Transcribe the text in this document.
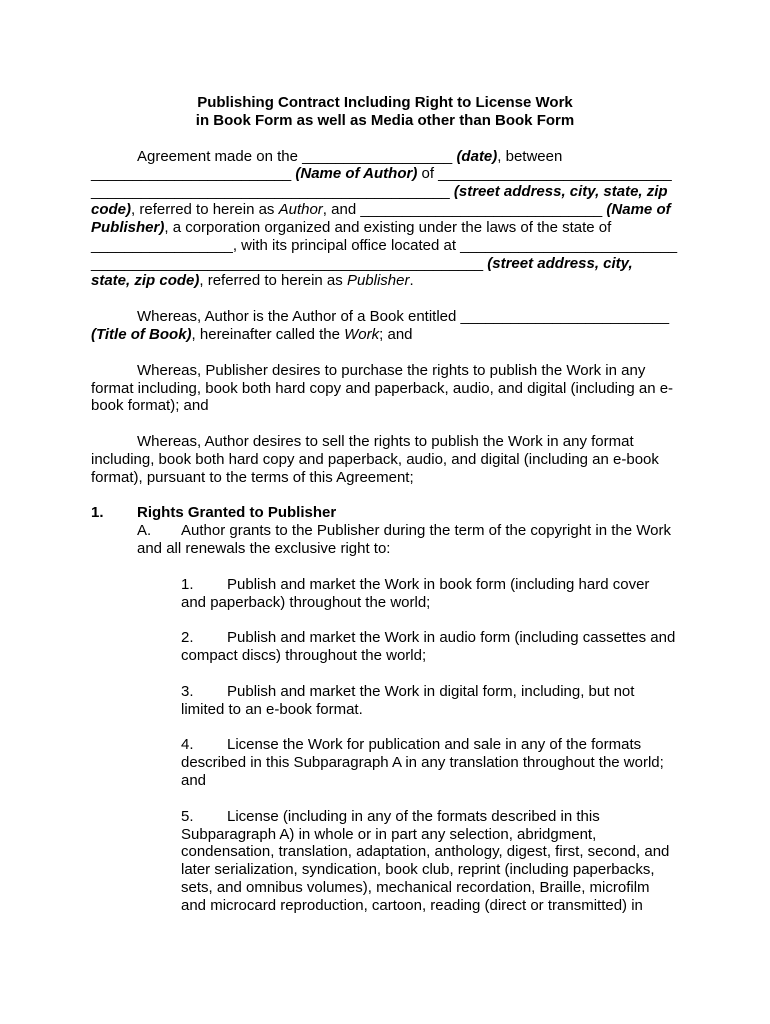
Publishing Contract Including Right to License Work
in Book Form as well as Media other than Book Form
Agreement made on the __________________ (date), between
________________________ (Name of Author) of ____________________________
___________________________________________ (street address, city, state, zip
code), referred to herein as Author, and _____________________________ (Name of
Publisher), a corporation organized and existing under the laws of the state of
_________________, with its principal office located at __________________________
_______________________________________________ (street address, city,
state, zip code), referred to herein as Publisher.
Whereas, Author is the Author of a Book entitled _________________________
(Title of Book), hereinafter called the Work; and
Whereas, Publisher desires to purchase the rights to publish the Work in any
format including, book both hard copy and paperback, audio, and digital (including an e-
book format); and
Whereas, Author desires to sell the rights to publish the Work in any format
including, book both hard copy and paperback, audio, and digital (including an e-book
format), pursuant to the terms of this Agreement;
1. Rights Granted to Publisher
A. Author grants to the Publisher during the term of the copyright in the Work
and all renewals the exclusive right to:
1. Publish and market the Work in book form (including hard cover
and paperback) throughout the world;
2. Publish and market the Work in audio form (including cassettes and
compact discs) throughout the world;
3. Publish and market the Work in digital form, including, but not
limited to an e-book format.
4. License the Work for publication and sale in any of the formats
described in this Subparagraph A in any translation throughout the world;
and
5. License (including in any of the formats described in this
Subparagraph A) in whole or in part any selection, abridgment,
condensation, translation, adaptation, anthology, digest, first, second, and
later serialization, syndication, book club, reprint (including paperbacks,
sets, and omnibus volumes), mechanical recordation, Braille, microfilm
and microcard reproduction, cartoon, reading (direct or transmitted) in
